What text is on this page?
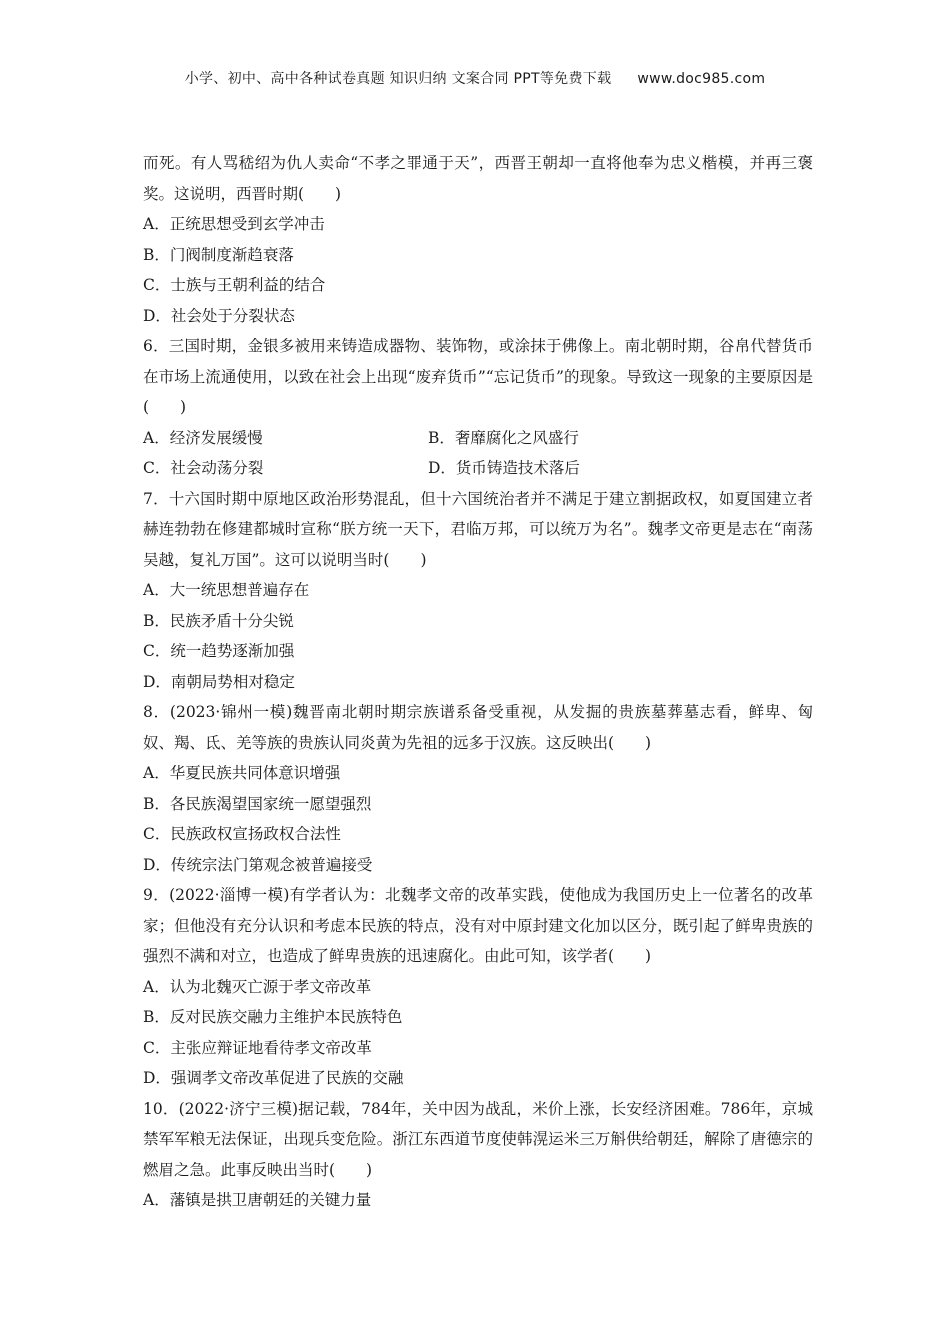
小学、初中、高中各种试卷真题 知识归纳 文案合同 PPT等免费下载 www.doc985.com

而死。有人骂嵇绍为仇人卖命“不孝之罪通于天”，西晋王朝却一直将他奉为忠义楷模，并再三褒奖。这说明，西晋时期(　　)

A．正统思想受到玄学冲击

B．门阀制度渐趋衰落

C．士族与王朝利益的结合

D．社会处于分裂状态

6．三国时期，金银多被用来铸造成器物、装饰物，或涂抹于佛像上。南北朝时期，谷帛代替货币在市场上流通使用，以致在社会上出现“废弃货币”“忘记货币”的现象。导致这一现象的主要原因是(　　)

A．经济发展缓慢	B．奢靡腐化之风盛行
C．社会动荡分裂	D．货币铸造技术落后

7．十六国时期中原地区政治形势混乱，但十六国统治者并不满足于建立割据政权，如夏国建立者赫连勃勃在修建都城时宣称“朕方统一天下，君临万邦，可以统万为名”。魏孝文帝更是志在“南荡吴越，复礼万国”。这可以说明当时(　　)

A．大一统思想普遍存在

B．民族矛盾十分尖锐

C．统一趋势逐渐加强

D．南朝局势相对稳定

8．(2023·锦州一模)魏晋南北朝时期宗族谱系备受重视，从发掘的贵族墓葬墓志看，鲜卑、匈奴、羯、氐、羌等族的贵族认同炎黄为先祖的远多于汉族。这反映出(　　)

A．华夏民族共同体意识增强

B．各民族渴望国家统一愿望强烈

C．民族政权宣扬政权合法性

D．传统宗法门第观念被普遍接受

9．(2022·淄博一模)有学者认为：北魏孝文帝的改革实践，使他成为我国历史上一位著名的改革家；但他没有充分认识和考虑本民族的特点，没有对中原封建文化加以区分，既引起了鲜卑贵族的强烈不满和对立，也造成了鲜卑贵族的迅速腐化。由此可知，该学者(　　)

A．认为北魏灭亡源于孝文帝改革

B．反对民族交融力主维护本民族特色

C．主张应辩证地看待孝文帝改革

D．强调孝文帝改革促进了民族的交融

10．(2022·济宁三模)据记载，784年，关中因为战乱，米价上涨，长安经济困难。786年，京城禁军军粮无法保证，出现兵变危险。浙江东西道节度使韩滉运米三万斛供给朝廷，解除了唐德宗的燃眉之急。此事反映出当时(　　)

A．藩镇是拱卫唐朝廷的关键力量
